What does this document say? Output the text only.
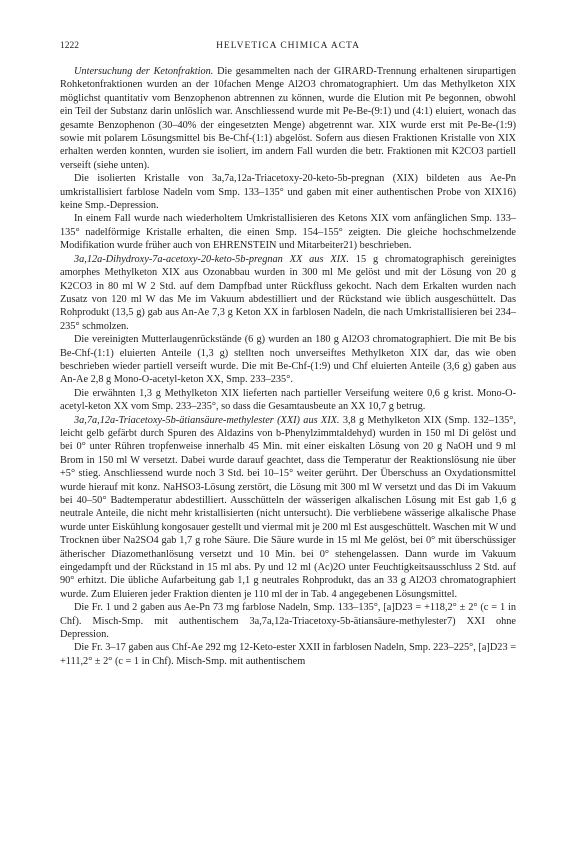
1222	HELVETICA CHIMICA ACTA

Untersuchung der Ketonfraktion. Die gesammelten nach der GIRARD-Trennung erhaltenen sirupartigen Rohketonfraktionen wurden an der 10fachen Menge Al2O3 chromatographiert. Um das Methylketon XIX möglichst quantitativ vom Benzophenon abtrennen zu können, wurde die Elution mit Pe begonnen, obwohl ein Teil der Substanz darin unlöslich war. Anschliessend wurde mit Pe-Be-(9:1) und (4:1) eluiert, wonach das gesamte Benzophenon (30–40% der eingesetzten Menge) abgetrennt war. XIX wurde erst mit Pe-Be-(1:9) sowie mit polarem Lösungsmittel bis Be-Chf-(1:1) abgelöst. Sofern aus diesen Fraktionen Kristalle von XIX erhalten werden konnten, wurden sie isoliert, im andern Fall wurden die betr. Fraktionen mit K2CO3 partiell verseift (siehe unten).

Die isolierten Kristalle von 3a,7a,12a-Triacetoxy-20-keto-5b-pregnan (XIX) bildeten aus Ae-Pn umkristallisiert farblose Nadeln vom Smp. 133–135° und gaben mit einer authentischen Probe von XIX16) keine Smp.-Depression.

In einem Fall wurde nach wiederholtem Umkristallisieren des Ketons XIX vom anfänglichen Smp. 133–135° nadelförmige Kristalle erhalten, die einen Smp. 154–155° zeigten. Die gleiche hochschmelzende Modifikation wurde früher auch von EHRENSTEIN und Mitarbeiter21) beschrieben.

3a,12a-Dihydroxy-7a-acetoxy-20-keto-5b-pregnan XX aus XIX. 15 g chromatographisch gereinigtes amorphes Methylketon XIX aus Ozonabbau wurden in 300 ml Me gelöst und mit der Lösung von 20 g K2CO3 in 80 ml W 2 Std. auf dem Dampfbad unter Rückfluss gekocht. Nach dem Erkalten wurden nach Zusatz von 120 ml W das Me im Vakuum abdestilliert und der Rückstand wie üblich ausgeschüttelt. Das Rohprodukt (13,5 g) gab aus An-Ae 7,3 g Keton XX in farblosen Nadeln, die nach Umkristallisieren bei 234–235° schmolzen.

Die vereinigten Mutterlaugenrückstände (6 g) wurden an 180 g Al2O3 chromatographiert. Die mit Be bis Be-Chf-(1:1) eluierten Anteile (1,3 g) stellten noch unverseiftes Methylketon XIX dar, das wie oben beschrieben wieder partiell verseift wurde. Die mit Be-Chf-(1:9) und Chf eluierten Anteile (3,6 g) gaben aus An-Ae 2,8 g Mono-O-acetyl-keton XX, Smp. 233–235°.

Die erwähnten 1,3 g Methylketon XIX lieferten nach partieller Verseifung weitere 0,6 g krist. Mono-O-acetyl-keton XX vom Smp. 233–235°, so dass die Gesamtausbeute an XX 10,7 g betrug.

3a,7a,12a-Triacetoxy-5b-ätiansäure-methylester (XXI) aus XIX. 3,8 g Methylketon XIX (Smp. 132–135°, leicht gelb gefärbt durch Spuren des Aldazins von b-Phenylzimmtaldehyd) wurden in 150 ml Di gelöst und bei 0° unter Rühren tropfenweise innerhalb 45 Min. mit einer eiskalten Lösung von 20 g NaOH und 9 ml Brom in 150 ml W versetzt. Dabei wurde darauf geachtet, dass die Temperatur der Reaktionslösung nie über +5° stieg. Anschliessend wurde noch 3 Std. bei 10–15° weiter gerührt. Der Überschuss an Oxydationsmittel wurde hierauf mit konz. NaHSO3-Lösung zerstört, die Lösung mit 300 ml W versetzt und das Di im Vakuum bei 40–50° Badtemperatur abdestilliert. Ausschütteln der wässerigen alkalischen Lösung mit Est gab 1,6 g neutrale Anteile, die nicht mehr kristallisierten (nicht untersucht). Die verbliebene wässerige alkalische Phase wurde unter Eiskühlung kongosauer gestellt und viermal mit je 200 ml Est ausgeschüttelt. Waschen mit W und Trocknen über Na2SO4 gab 1,7 g rohe Säure. Die Säure wurde in 15 ml Me gelöst, bei 0° mit überschüssiger ätherischer Diazomethanlösung versetzt und 10 Min. bei 0° stehengelassen. Dann wurde im Vakuum eingedampft und der Rückstand in 15 ml abs. Py und 12 ml (Ac)2O unter Feuchtigkeitsausschluss 2 Std. auf 90° erhitzt. Die übliche Aufarbeitung gab 1,1 g neutrales Rohprodukt, das an 33 g Al2O3 chromatographiert wurde. Zum Eluieren jeder Fraktion dienten je 110 ml der in Tab. 4 angegebenen Lösungsmittel.

Die Fr. 1 und 2 gaben aus Ae-Pn 73 mg farblose Nadeln, Smp. 133–135°, [a]D23 = +118,2° ± 2° (c = 1 in Chf). Misch-Smp. mit authentischem 3a,7a,12a-Triacetoxy-5b-ätiansäure-methylester7) XXI ohne Depression.

Die Fr. 3–17 gaben aus Chf-Ae 292 mg 12-Keto-ester XXII in farblosen Nadeln, Smp. 223–225°, [a]D23 = +111,2° ± 2° (c = 1 in Chf). Misch-Smp. mit authentischem
